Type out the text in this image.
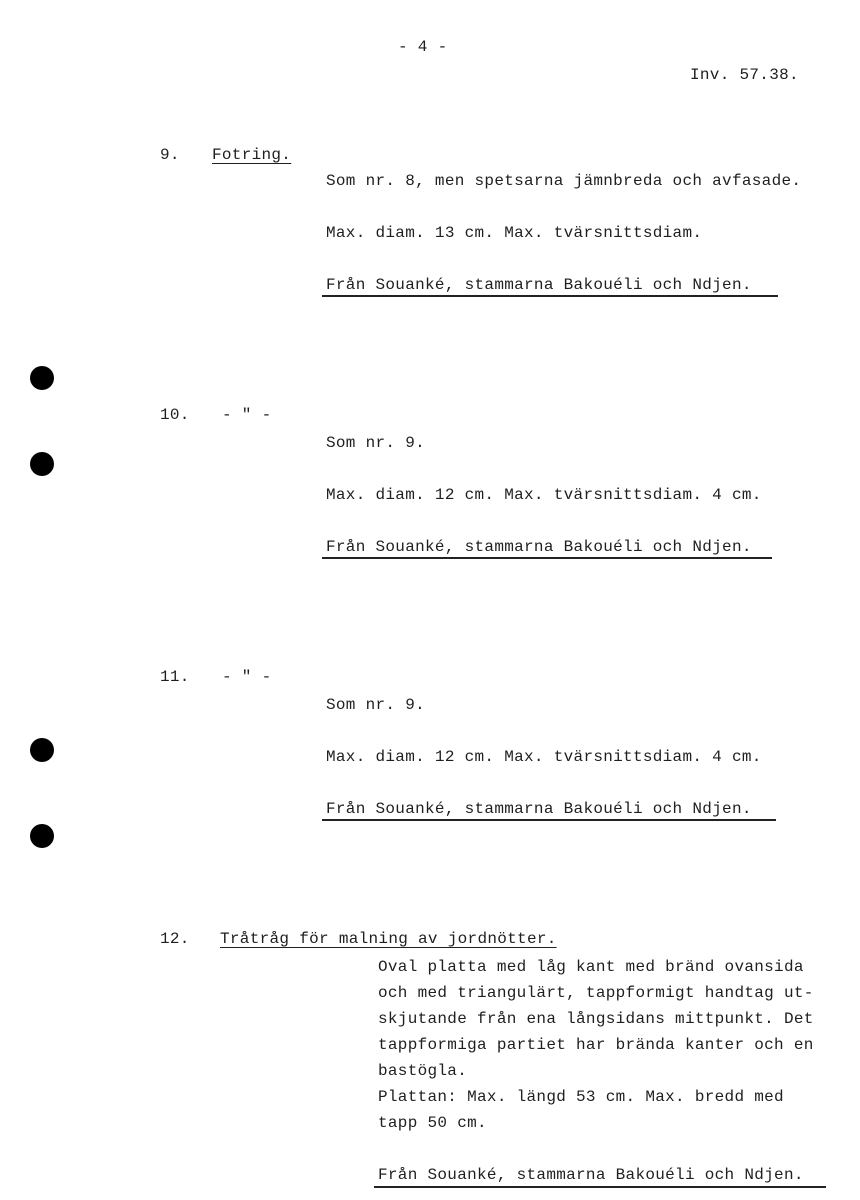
- 4 -
Inv. 57.38.
9. Fotring.
Som nr. 8, men spetsarna jämnbreda och avfasade.
Max. diam. 13 cm. Max. tvärsnittsdiam.
Från Souanké, stammarna Bakouéli och Ndjen.
10. - " -
Som nr. 9.
Max. diam. 12 cm. Max. tvärsnittsdiam. 4 cm.
Från Souanké, stammarna Bakouéli och Ndjen.
11. - " -
Som nr. 9.
Max. diam. 12 cm. Max. tvärsnittsdiam. 4 cm.
Från Souanké, stammarna Bakouéli och Ndjen.
12. Tråtråg för malning av jordnötter.
Oval platta med låg kant med bränd ovansida
och med triangulärt, tappformigt handtag ut-
skjutande från ena långsidans mittpunkt. Det
tappformiga partiet har brända kanter och en
bastögla.
Plattan: Max. längd 53 cm. Max. bredd med
tapp 50 cm.
Från Souanké, stammarna Bakouéli och Ndjen.
